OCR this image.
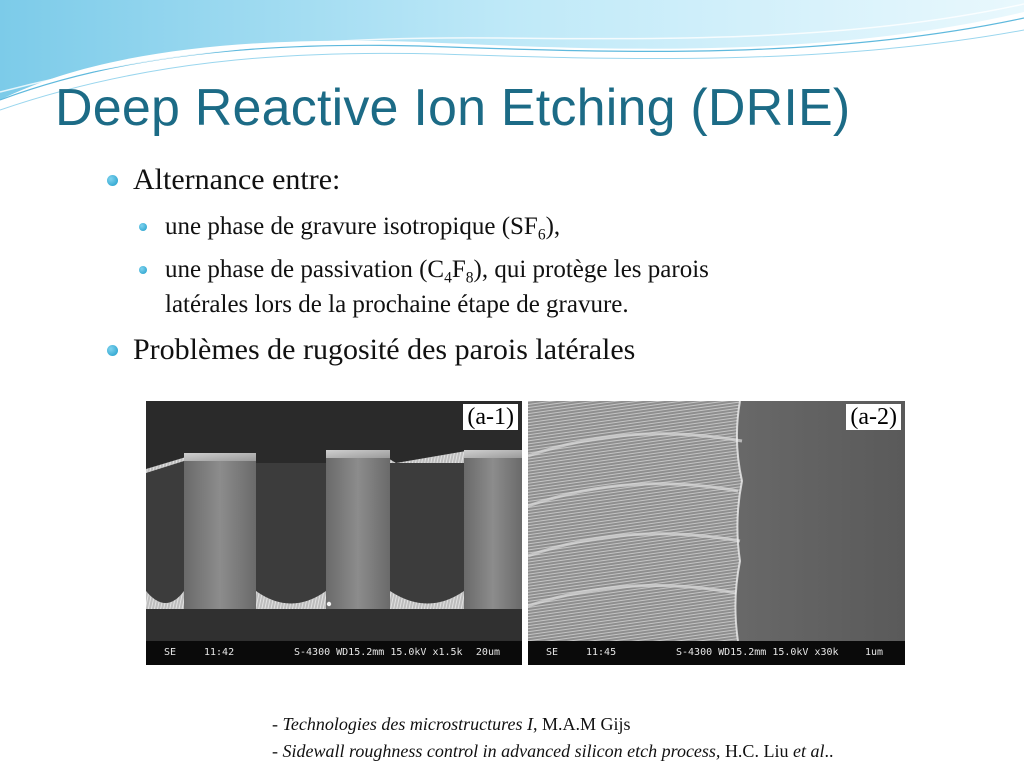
Deep Reactive Ion Etching (DRIE)
Alternance entre:
une phase de gravure isotropique $(SF_6)$,
une phase de passivation $(C_4F_8)$, qui protège les parois
latérales lors de la prochaine étape de gravure.
Problèmes de rugosité des parois latérales
(a-1)
SE	11:42	S-4300 WD15.2mm 15.0kV x1.5k 20um
(a-2)
SE	11:45	S-4300 WD15.2mm 15.0kV x30k	1um
- Technologies des microstructures I, M.A.M Gijs
- Sidewall roughness control in advanced silicon etch process, H.C. Liu et al..
